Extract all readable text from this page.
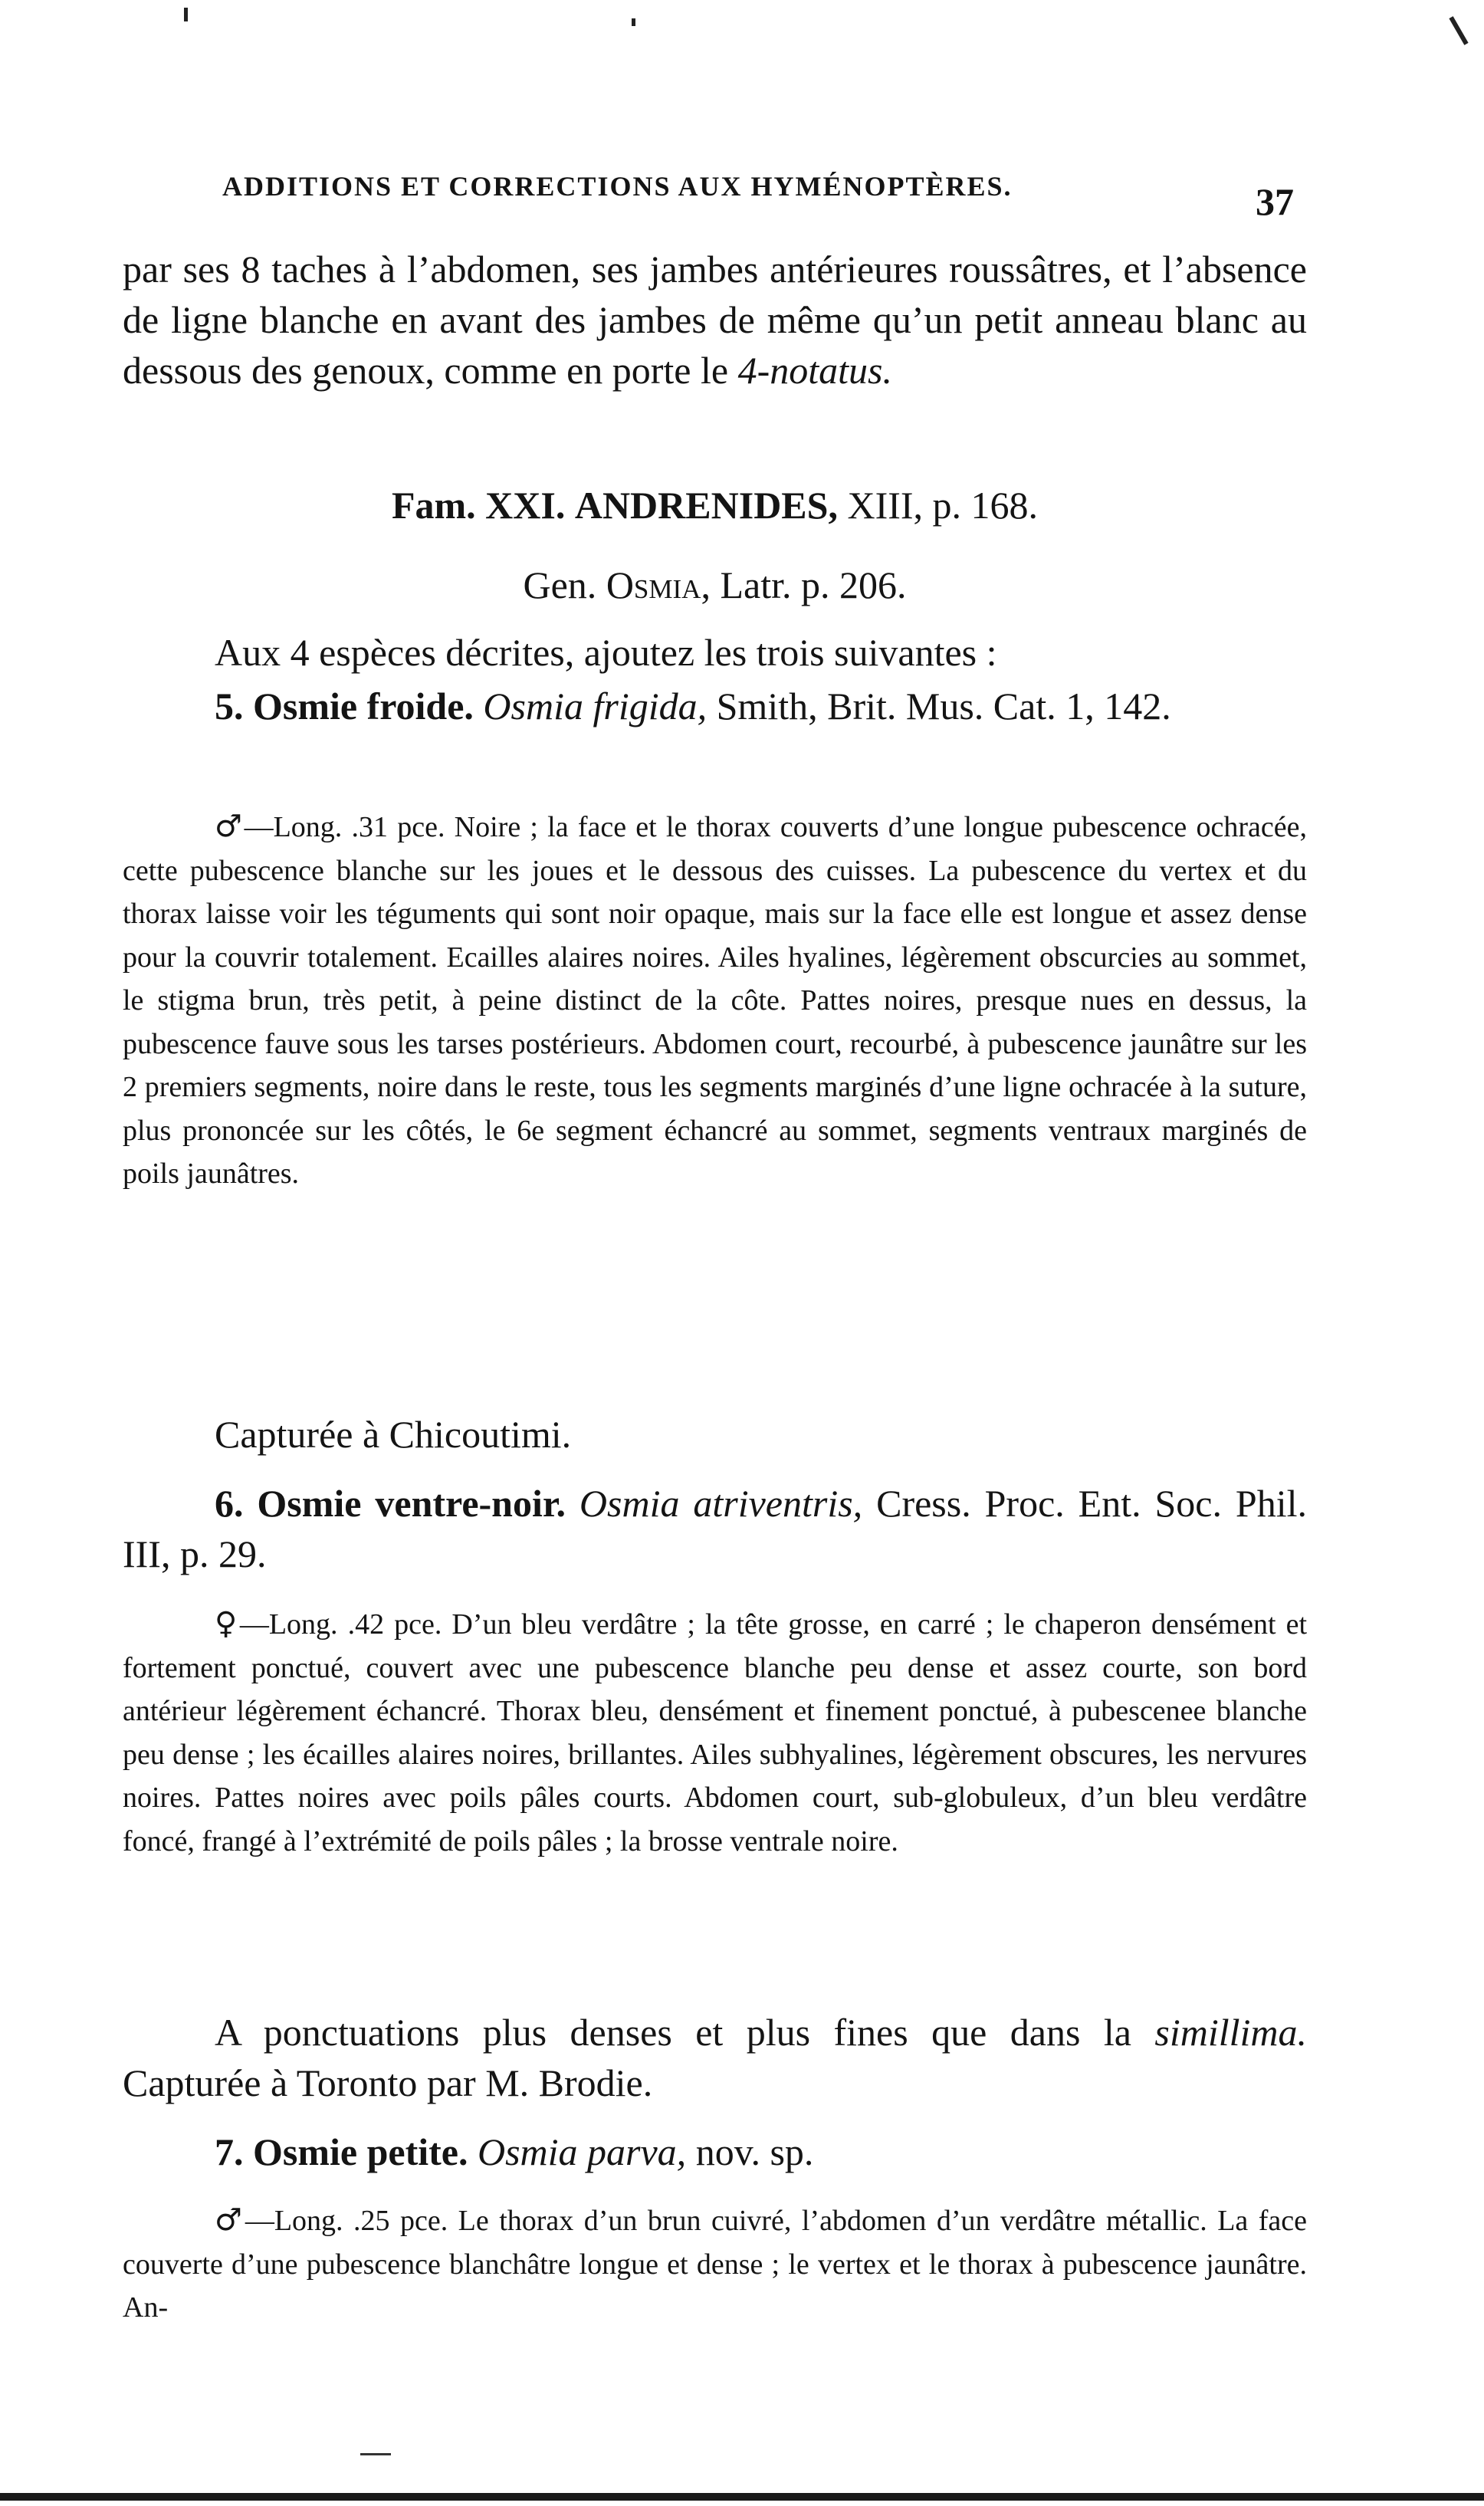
ADDITIONS ET CORRECTIONS AUX HYMÉNOPTÈRES.	37
par ses 8 taches à l’abdomen, ses jambes antérieures roussâtres, et l’absence de ligne blanche en avant des jambes de même qu’un petit anneau blanc au dessous des genoux, comme en porte le 4-notatus.
Fam. XXI. ANDRENIDES, XIII, p. 168.
Gen. Osmia, Latr. p. 206.
Aux 4 espèces décrites, ajoutez les trois suivantes :
5. Osmie froide. Osmia frigida, Smith, Brit. Mus. Cat. 1, 142.
♂—Long. .31 pce. Noire ; la face et le thorax couverts d’une longue pubescence ochracée, cette pubescence blanche sur les joues et le dessous des cuisses. La pubescence du vertex et du thorax laisse voir les téguments qui sont noir opaque, mais sur la face elle est longue et assez dense pour la couvrir totalement. Ecailles alaires noires. Ailes hyalines, légèrement obscurcies au sommet, le stigma brun, très petit, à peine distinct de la côte. Pattes noires, presque nues en dessus, la pubescence fauve sous les tarses postérieurs. Abdomen court, recourbé, à pubescence jaunâtre sur les 2 premiers segments, noire dans le reste, tous les segments marginés d’une ligne ochracée à la suture, plus prononcée sur les côtés, le 6e segment échancré au sommet, segments ventraux marginés de poils jaunâtres.
Capturée à Chicoutimi.
6. Osmie ventre-noir. Osmia atriventris, Cress. Proc. Ent. Soc. Phil. III, p. 29.
♀—Long. .42 pce. D’un bleu verdâtre ; la tête grosse, en carré ; le chaperon densément et fortement ponctué, couvert avec une pubescence blanche peu dense et assez courte, son bord antérieur légèrement échancré. Thorax bleu, densément et finement ponctué, à pubescenee blanche peu dense ; les écailles alaires noires, brillantes. Ailes subhyalines, légèrement obscures, les nervures noires. Pattes noires avec poils pâles courts. Abdomen court, sub-globuleux, d’un bleu verdâtre foncé, frangé à l’extrémité de poils pâles ; la brosse ventrale noire.
A ponctuations plus denses et plus fines que dans la simillima. Capturée à Toronto par M. Brodie.
7. Osmie petite. Osmia parva, nov. sp.
♂—Long. .25 pce. Le thorax d’un brun cuivré, l’abdomen d’un verdâtre métallic. La face couverte d’une pubescence blanchâtre longue et dense ; le vertex et le thorax à pubescence jaunâtre. An-
